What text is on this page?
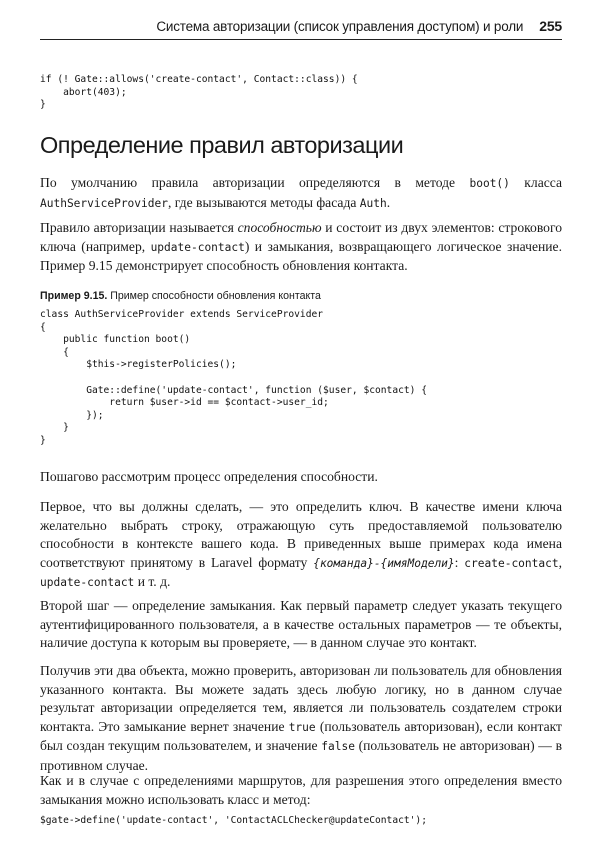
Система авторизации (список управления доступом) и роли 255
if (! Gate::allows('create-contact', Contact::class)) {
abort(403);
}
Определение правил авторизации

По умолчанию правила авторизации определяются в методе boot() класса AuthServiceProvider, где вызываются методы фасада Auth.

Правило авторизации называется способностью и состоит из двух элементов: строкового ключа (например, update-contact) и замыкания, возвращающего логическое значение. Пример 9.15 демонстрирует способность обновления контакта.

Пример 9.15. Пример способности обновления контакта
class AuthServiceProvider extends ServiceProvider
{
public function boot()
{
$this->registerPolicies();

Gate::define('update-contact', function ($user, $contact) {
return $user->id == $contact->user_id;
});
}
}

Пошагово рассмотрим процесс определения способности.

Первое, что вы должны сделать, — это определить ключ. В качестве имени ключа желательно выбрать строку, отражающую суть предоставляемой пользователю способности в контексте вашего кода. В приведенных выше примерах кода имена соответствуют принятому в Laravel формату {команда}-{имяМодели}: create-contact, update-contact и т. д.

Второй шаг — определение замыкания. Как первый параметр следует указать текущего аутентифицированного пользователя, а в качестве остальных параметров — те объекты, наличие доступа к которым вы проверяете, — в данном случае это контакт.

Получив эти два объекта, можно проверить, авторизован ли пользователь для обновления указанного контакта. Вы можете задать здесь любую логику, но в данном случае результат авторизации определяется тем, является ли пользователь создателем строки контакта. Это замыкание вернет значение true (пользователь авторизован), если контакт был создан текущим пользователем, и значение false (пользователь не авторизован) — в противном случае.

Как и в случае с определениями маршрутов, для разрешения этого определения вместо замыкания можно использовать класс и метод:

$gate->define('update-contact', 'ContactACLChecker@updateContact');
